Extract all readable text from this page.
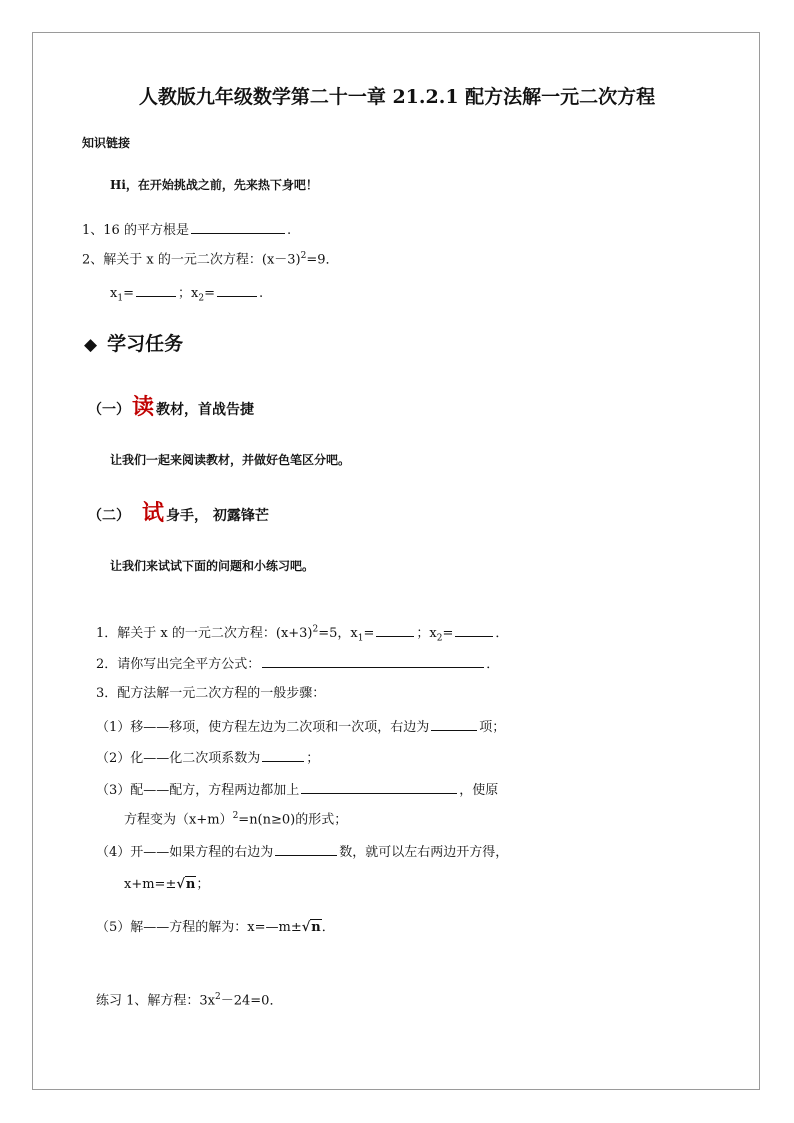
人教版九年级数学第二十一章 21.2.1 配方法解一元二次方程
知识链接
Hi，在开始挑战之前，先来热下身吧！
1、16 的平方根是	.
2、解关于 x 的一元二次方程：$(x-3)^2=9$．
$x_1=$	；$x_2=$	.
◆ 学习任务
（一）读 教材，首战告捷
让我们一起来阅读教材，并做好色笔区分吧。
（二） 试 身手， 初露锋芒
让我们来试试下面的问题和小练习吧。
1．解关于 x 的一元二次方程：$(x+3)^2=5$，$x_1=$	；$x_2=$	．
2．请你写出完全平方公式：	．
3．配方法解一元二次方程的一般步骤：
（1）移——移项，使方程左边为二次项和一次项，右边为	项；
（2）化——化二次项系数为	；
（3）配——配方，方程两边都加上	，使原
方程变为$(x+m)^2=n(n\ge 0)$的形式；
（4）开——如果方程的右边为	数，就可以左右两边开方得，
x+m=±√n；
（5）解——方程的解为：x=—m±√n．
练习 1、解方程：$3x^2-24=0$．
